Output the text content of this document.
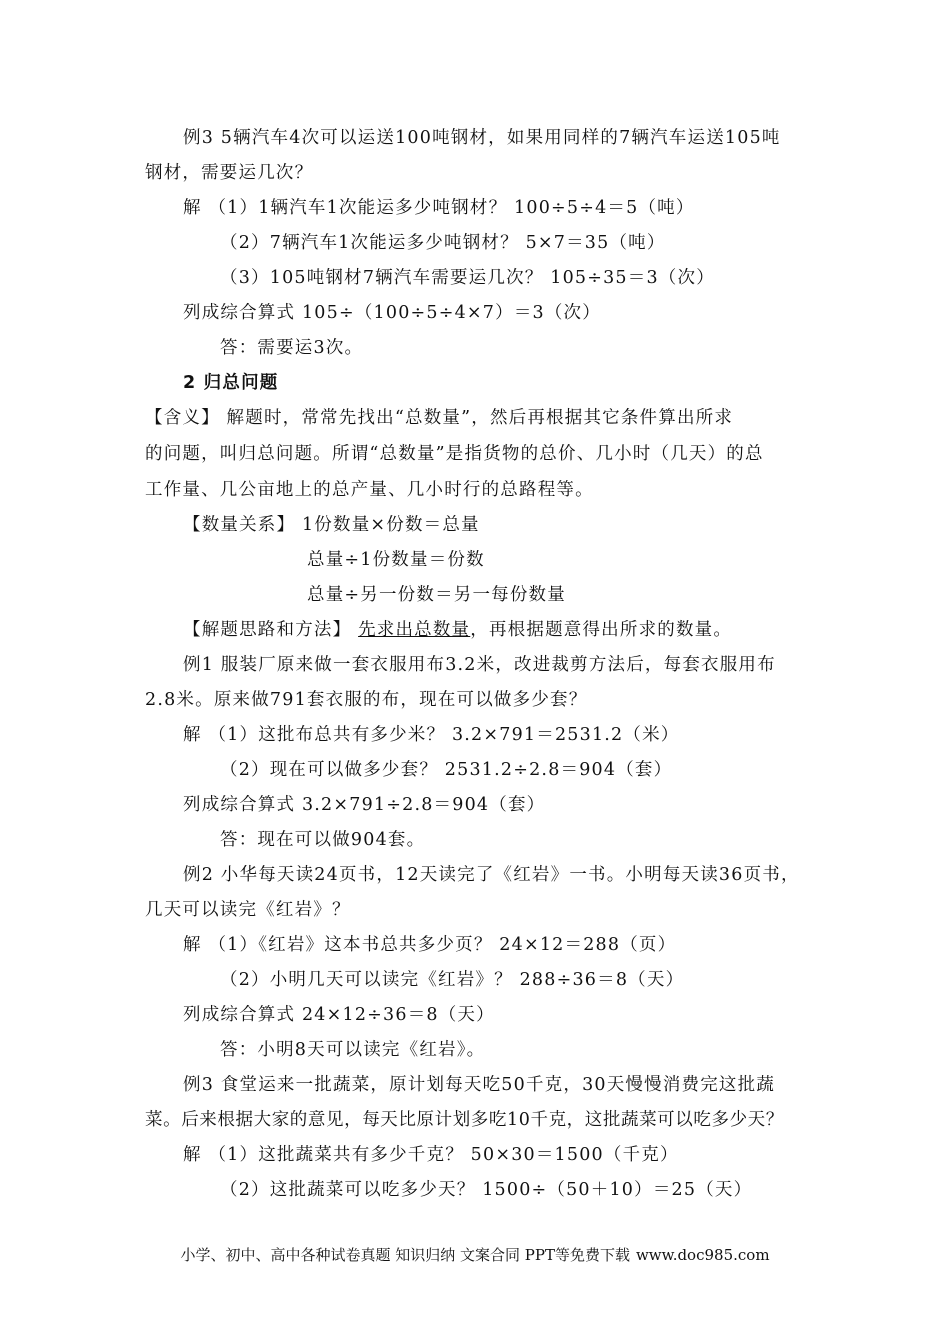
例3 5辆汽车4次可以运送100吨钢材，如果用同样的7辆汽车运送105吨
钢材，需要运几次？
解 （1）1辆汽车1次能运多少吨钢材？ 100÷5÷4＝5（吨）
（2）7辆汽车1次能运多少吨钢材？ 5×7＝35（吨）
（3）105吨钢材7辆汽车需要运几次？ 105÷35＝3（次）
列成综合算式 105÷（100÷5÷4×7）＝3（次）
答：需要运3次。
2 归总问题
【含义】 解题时，常常先找出“总数量”，然后再根据其它条件算出所求
的问题，叫归总问题。所谓“总数量”是指货物的总价、几小时（几天）的总
工作量、几公亩地上的总产量、几小时行的总路程等。
【数量关系】 1份数量×份数＝总量
总量÷1份数量＝份数
总量÷另一份数＝另一每份数量
【解题思路和方法】 先求出总数量，再根据题意得出所求的数量。
例1 服装厂原来做一套衣服用布3.2米，改进裁剪方法后，每套衣服用布
2.8米。原来做791套衣服的布，现在可以做多少套？
解 （1）这批布总共有多少米？ 3.2×791＝2531.2（米）
（2）现在可以做多少套？ 2531.2÷2.8＝904（套）
列成综合算式 3.2×791÷2.8＝904（套）
答：现在可以做904套。
例2 小华每天读24页书，12天读完了《红岩》一书。小明每天读36页书，
几天可以读完《红岩》？
解 （1）《红岩》这本书总共多少页？ 24×12＝288（页）
（2）小明几天可以读完《红岩》？ 288÷36＝8（天）
列成综合算式 24×12÷36＝8（天）
答：小明8天可以读完《红岩》。
例3 食堂运来一批蔬菜，原计划每天吃50千克，30天慢慢消费完这批蔬
菜。后来根据大家的意见，每天比原计划多吃10千克，这批蔬菜可以吃多少天？
解 （1）这批蔬菜共有多少千克？ 50×30＝1500（千克）
（2）这批蔬菜可以吃多少天？ 1500÷（50＋10）＝25（天）
小学、初中、高中各种试卷真题 知识归纳 文案合同 PPT等免费下载 www.doc985.com
